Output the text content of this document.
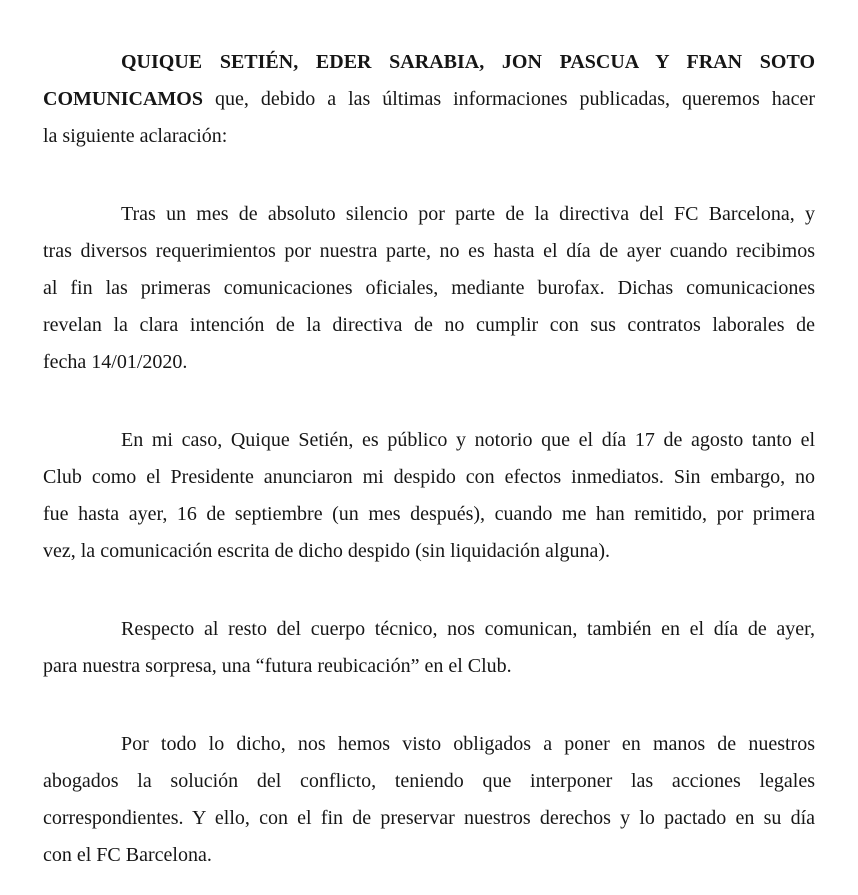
QUIQUE SETIÉN, EDER SARABIA, JON PASCUA Y FRAN SOTO
COMUNICAMOS que, debido a las últimas informaciones publicadas, queremos hacer
la siguiente aclaración:
Tras un mes de absoluto silencio por parte de la directiva del FC Barcelona, y
tras diversos requerimientos por nuestra parte, no es hasta el día de ayer cuando recibimos
al fin las primeras comunicaciones oficiales, mediante burofax. Dichas comunicaciones
revelan la clara intención de la directiva de no cumplir con sus contratos laborales de
fecha 14/01/2020.
En mi caso, Quique Setién, es público y notorio que el día 17 de agosto tanto el
Club como el Presidente anunciaron mi despido con efectos inmediatos. Sin embargo, no
fue hasta ayer, 16 de septiembre (un mes después), cuando me han remitido, por primera
vez, la comunicación escrita de dicho despido (sin liquidación alguna).
Respecto al resto del cuerpo técnico, nos comunican, también en el día de ayer,
para nuestra sorpresa, una “futura reubicación” en el Club.
Por todo lo dicho, nos hemos visto obligados a poner en manos de nuestros
abogados la solución del conflicto, teniendo que interponer las acciones legales
correspondientes. Y ello, con el fin de preservar nuestros derechos y lo pactado en su día
con el FC Barcelona.
